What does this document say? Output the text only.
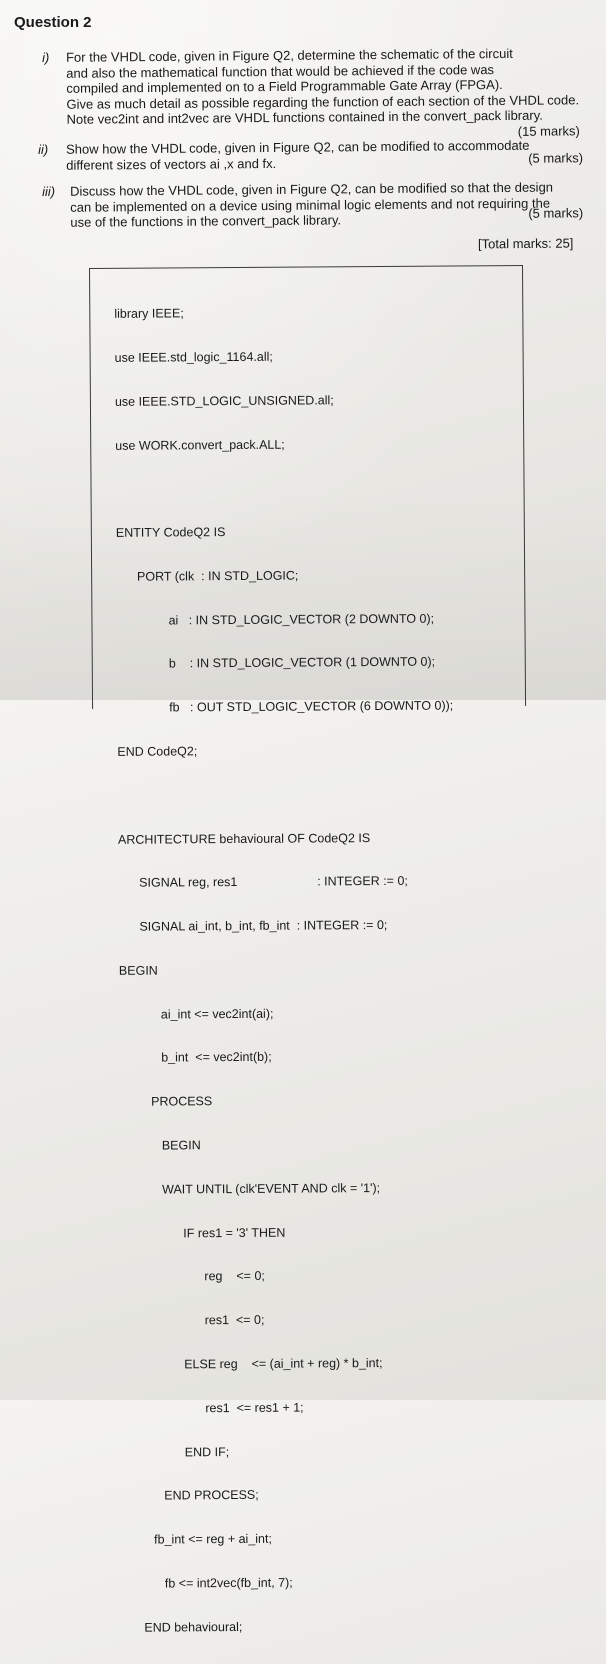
Question 2
i) For the VHDL code, given in Figure Q2, determine the schematic of the circuit
and also the mathematical function that would be achieved if the code was
compiled and implemented on to a Field Programmable Gate Array (FPGA).
Give as much detail as possible regarding the function of each section of the VHDL code.
Note vec2int and int2vec are VHDL functions contained in the convert_pack library.
(15 marks)
ii) Show how the VHDL code, given in Figure Q2, can be modified to accommodate
different sizes of vectors ai ,x and fx.	(5 marks)
iii) Discuss how the VHDL code, given in Figure Q2, can be modified so that the design
can be implemented on a device using minimal logic elements and not requiring the
use of the functions in the convert_pack library.	(5 marks)
[Total marks: 25]

library IEEE;

use IEEE.std_logic_1164.all;

use IEEE.STD_LOGIC_UNSIGNED.all;

use WORK.convert_pack.ALL;

ENTITY CodeQ2 IS

PORT (clk  : IN STD_LOGIC;

ai   : IN STD_LOGIC_VECTOR (2 DOWNTO 0);

b    : IN STD_LOGIC_VECTOR (1 DOWNTO 0);

fb   : OUT STD_LOGIC_VECTOR (6 DOWNTO 0));

END CodeQ2;

ARCHITECTURE behavioural OF CodeQ2 IS

SIGNAL reg, res1                       : INTEGER := 0;

SIGNAL ai_int, b_int, fb_int  : INTEGER := 0;

BEGIN

ai_int <= vec2int(ai);

b_int  <= vec2int(b);

PROCESS

BEGIN

WAIT UNTIL (clk'EVENT AND clk = '1');

IF res1 = '3' THEN

reg    <= 0;

res1  <= 0;

ELSE reg    <= (ai_int + reg) * b_int;

res1  <= res1 + 1;

END IF;

END PROCESS;

fb_int <= reg + ai_int;

fb <= int2vec(fb_int, 7);

END behavioural;
